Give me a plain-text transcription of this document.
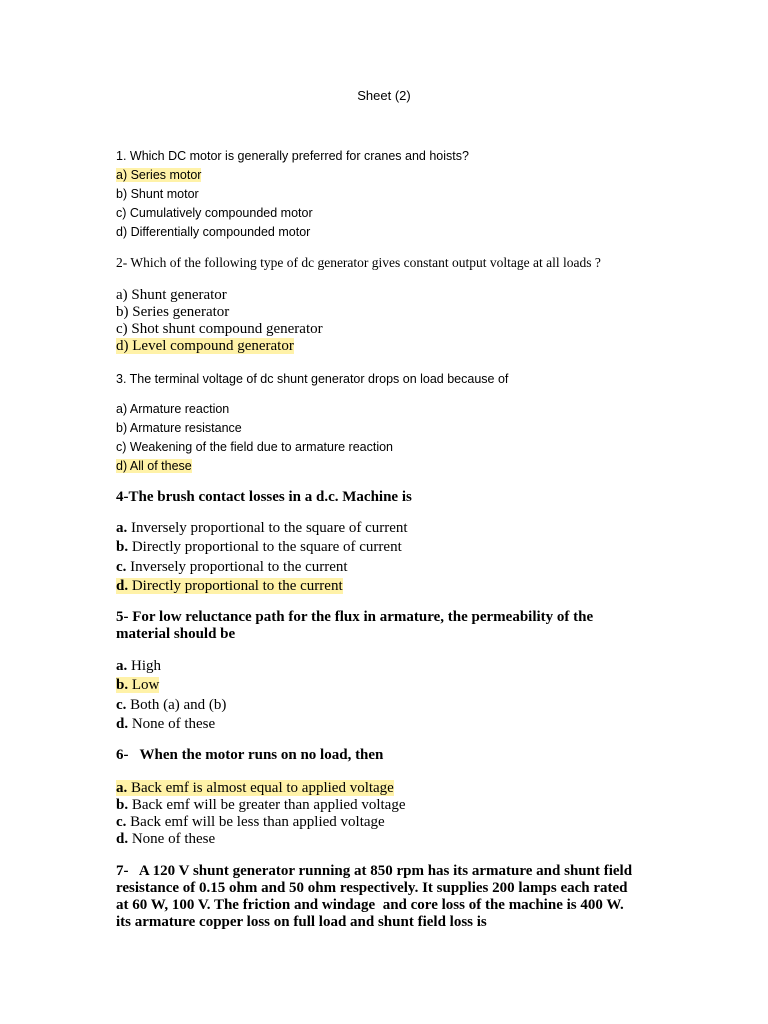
Sheet (2)
1. Which DC motor is generally preferred for cranes and hoists?
a) Series motor
b) Shunt motor
c) Cumulatively compounded motor
d) Differentially compounded motor
2- Which of the following type of dc generator gives constant output voltage at all loads ?
a) Shunt generator
b) Series generator
c) Shot shunt compound generator
d) Level compound generator
3. The terminal voltage of dc shunt generator drops on load because of
a) Armature reaction
b) Armature resistance
c) Weakening of the field due to armature reaction
d) All of these
4-The brush contact losses in a d.c. Machine is
a. Inversely proportional to the square of current
b. Directly proportional to the square of current
c. Inversely proportional to the current
d. Directly proportional to the current
5- For low reluctance path for the flux in armature, the permeability of the
material should be
a. High
b. Low
c. Both (a) and (b)
d. None of these
6-   When the motor runs on no load, then
a. Back emf is almost equal to applied voltage
b. Back emf will be greater than applied voltage
c. Back emf will be less than applied voltage
d. None of these
7-   A 120 V shunt generator running at 850 rpm has its armature and shunt field
resistance of 0.15 ohm and 50 ohm respectively. It supplies 200 lamps each rated
at 60 W, 100 V. The friction and windage  and core loss of the machine is 400 W.
its armature copper loss on full load and shunt field loss is
